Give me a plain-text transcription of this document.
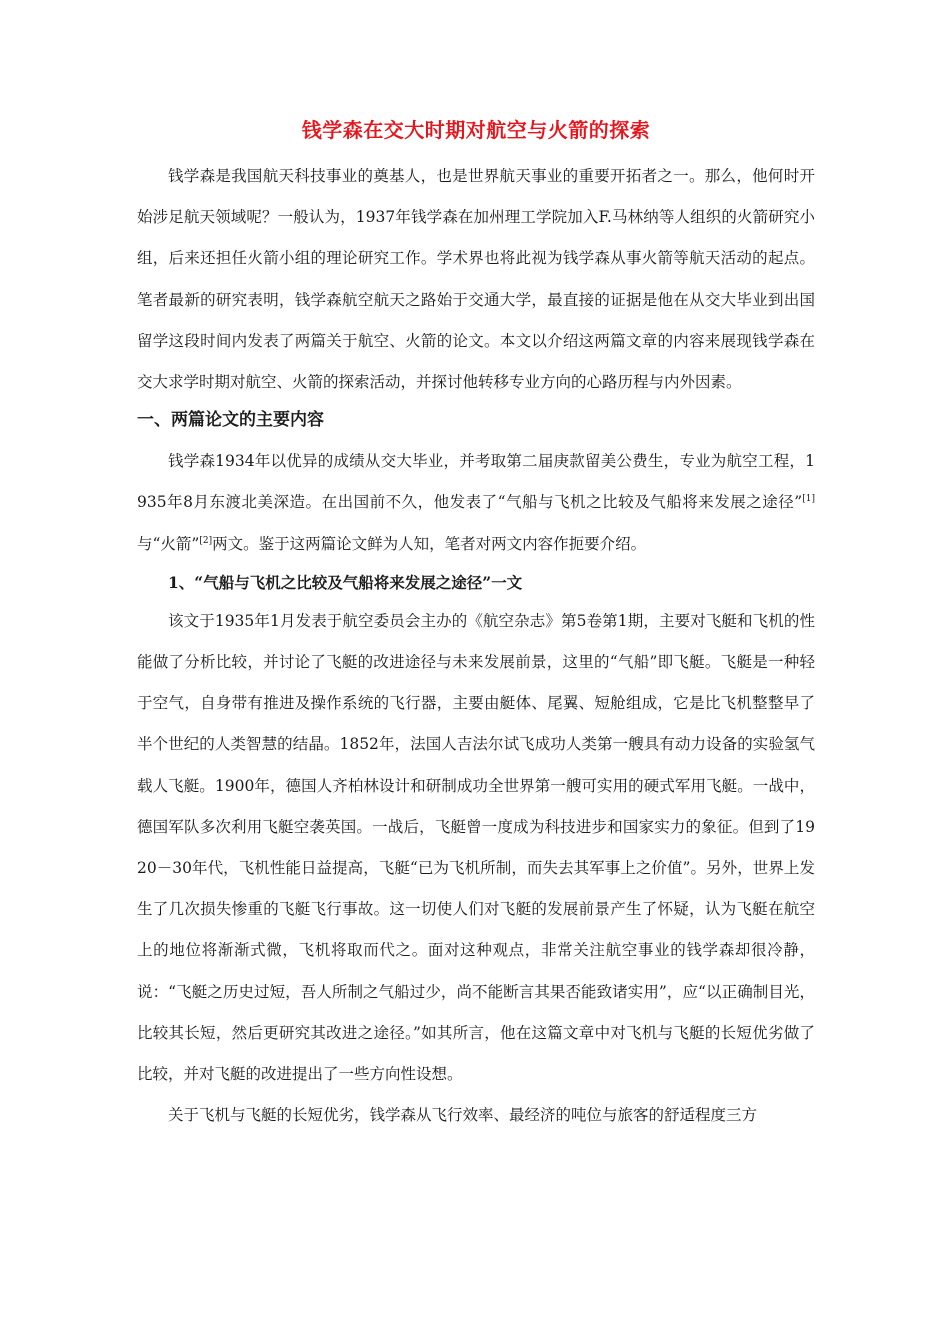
钱学森在交大时期对航空与火箭的探索

钱学森是我国航天科技事业的奠基人，也是世界航天事业的重要开拓者之一。那么，他何时开始涉足航天领域呢？一般认为，1937年钱学森在加州理工学院加入F.马林纳等人组织的火箭研究小组，后来还担任火箭小组的理论研究工作。学术界也将此视为钱学森从事火箭等航天活动的起点。笔者最新的研究表明，钱学森航空航天之路始于交通大学，最直接的证据是他在从交大毕业到出国留学这段时间内发表了两篇关于航空、火箭的论文。本文以介绍这两篇文章的内容来展现钱学森在交大求学时期对航空、火箭的探索活动，并探讨他转移专业方向的心路历程与内外因素。

一、两篇论文的主要内容

钱学森1934年以优异的成绩从交大毕业，并考取第二届庚款留美公费生，专业为航空工程，1935年8月东渡北美深造。在出国前不久，他发表了“气船与飞机之比较及气船将来发展之途径”[1]与“火箭”[2]两文。鉴于这两篇论文鲜为人知，笔者对两文内容作扼要介绍。

1、“气船与飞机之比较及气船将来发展之途径”一文

该文于1935年1月发表于航空委员会主办的《航空杂志》第5卷第1期，主要对飞艇和飞机的性能做了分析比较，并讨论了飞艇的改进途径与未来发展前景，这里的“气船”即飞艇。飞艇是一种轻于空气，自身带有推进及操作系统的飞行器，主要由艇体、尾翼、短舱组成，它是比飞机整整早了半个世纪的人类智慧的结晶。1852年，法国人吉法尔试飞成功人类第一艘具有动力设备的实验氢气载人飞艇。1900年，德国人齐柏林设计和研制成功全世界第一艘可实用的硬式军用飞艇。一战中，德国军队多次利用飞艇空袭英国。一战后，飞艇曾一度成为科技进步和国家实力的象征。但到了1920－30年代，飞机性能日益提高，飞艇“已为飞机所制，而失去其军事上之价值”。另外，世界上发生了几次损失惨重的飞艇飞行事故。这一切使人们对飞艇的发展前景产生了怀疑，认为飞艇在航空上的地位将渐渐式微，飞机将取而代之。面对这种观点，非常关注航空事业的钱学森却很冷静，说：“飞艇之历史过短，吾人所制之气船过少，尚不能断言其果否能致诸实用”，应“以正确制目光，比较其长短，然后更研究其改进之途径。”如其所言，他在这篇文章中对飞机与飞艇的长短优劣做了比较，并对飞艇的改进提出了一些方向性设想。

关于飞机与飞艇的长短优劣，钱学森从飞行效率、最经济的吨位与旅客的舒适程度三方
